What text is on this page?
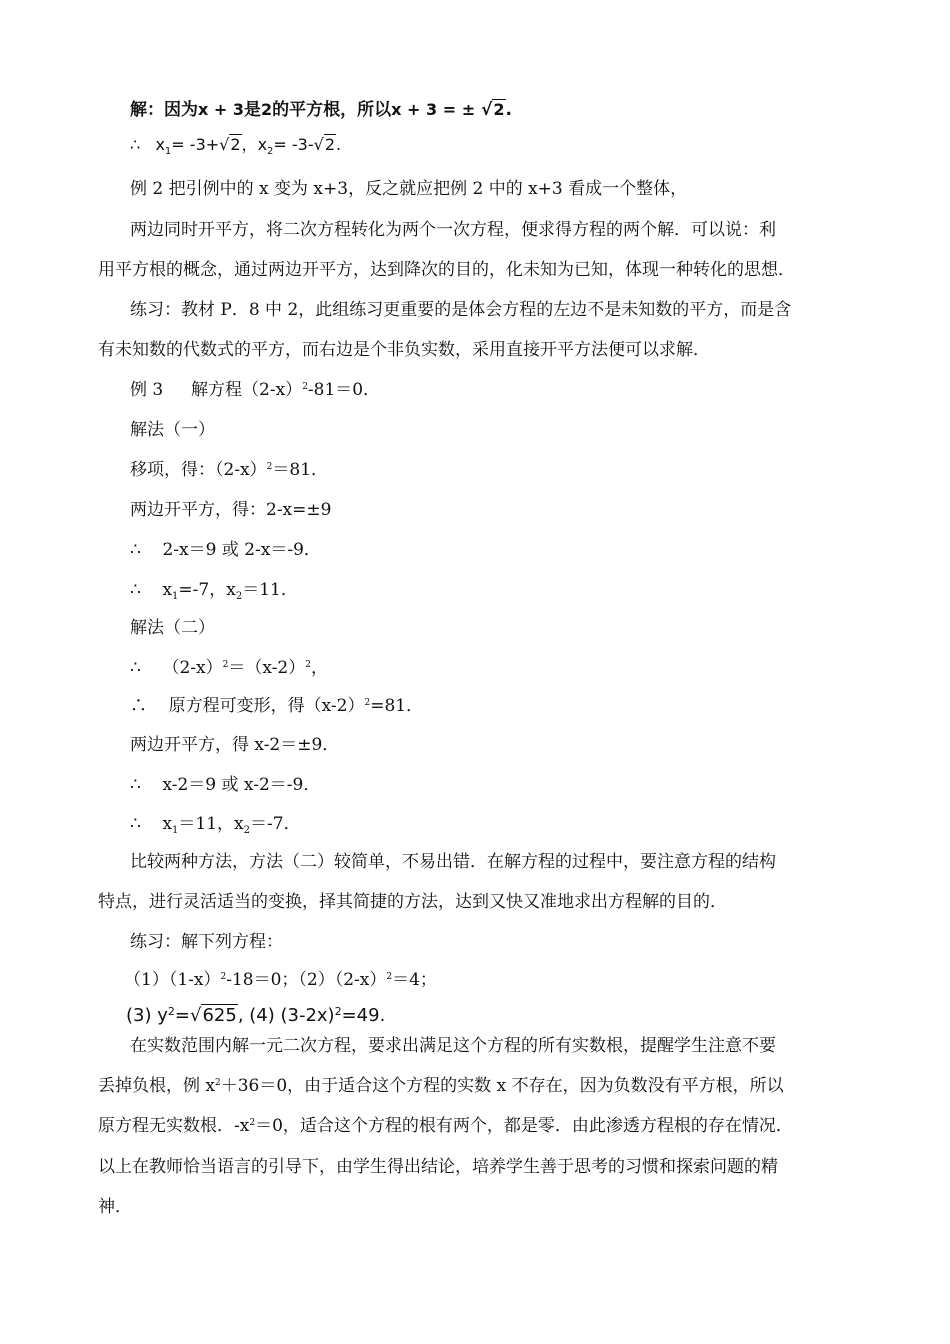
解：因为x + 3是2的平方根，所以x + 3 = ± √2.
∴ $x_1= -3+√2$，$x_2= -3-√2$.
例 2 把引例中的 x 变为 x+3，反之就应把例 2 中的 x+3 看成一个整体，
两边同时开平方，将二次方程转化为两个一次方程，便求得方程的两个解．可以说：利
用平方根的概念，通过两边开平方，达到降次的目的，化未知为已知，体现一种转化的思想．
练习：教材 P．8 中 2，此组练习更重要的是体会方程的左边不是未知数的平方，而是含
有未知数的代数式的平方，而右边是个非负实数，采用直接开平方法便可以求解．
例 3 　 解方程$(2-x)^2-81=0$．
解法（一）
移项，得：$(2-x)^2=81$．
两边开平方，得：2-x=±9
∴ 2-x＝9 或 2-x＝-9．
∴ $x_1=-7$，$x_2=11$．
解法（二）
∴ $(2-x)^2=(x-2)^2$，
∴ 原方程可变形，得$(x-2)^2=81$．
两边开平方，得 x-2＝±9．
∴ x-2＝9 或 x-2＝-9．
∴ $x_1=11$，$x_2=-7$．
比较两种方法，方法（二）较简单，不易出错．在解方程的过程中，要注意方程的结构
特点，进行灵活适当的变换，择其简捷的方法，达到又快又准地求出方程解的目的．
练习：解下列方程：
$(1)(1-x)^2-18=0$；$(2)(2-x)^2=4$；
(3) $y^2=√625$, (4) $(3-2x)^2=49$.
在实数范围内解一元二次方程，要求出满足这个方程的所有实数根，提醒学生注意不要
丢掉负根，例 $x^2+36=0$，由于适合这个方程的实数 x 不存在，因为负数没有平方根，所以
原方程无实数根．$-x^2=0$，适合这个方程的根有两个，都是零．由此渗透方程根的存在情况．
以上在教师恰当语言的引导下，由学生得出结论，培养学生善于思考的习惯和探索问题的精
神．
